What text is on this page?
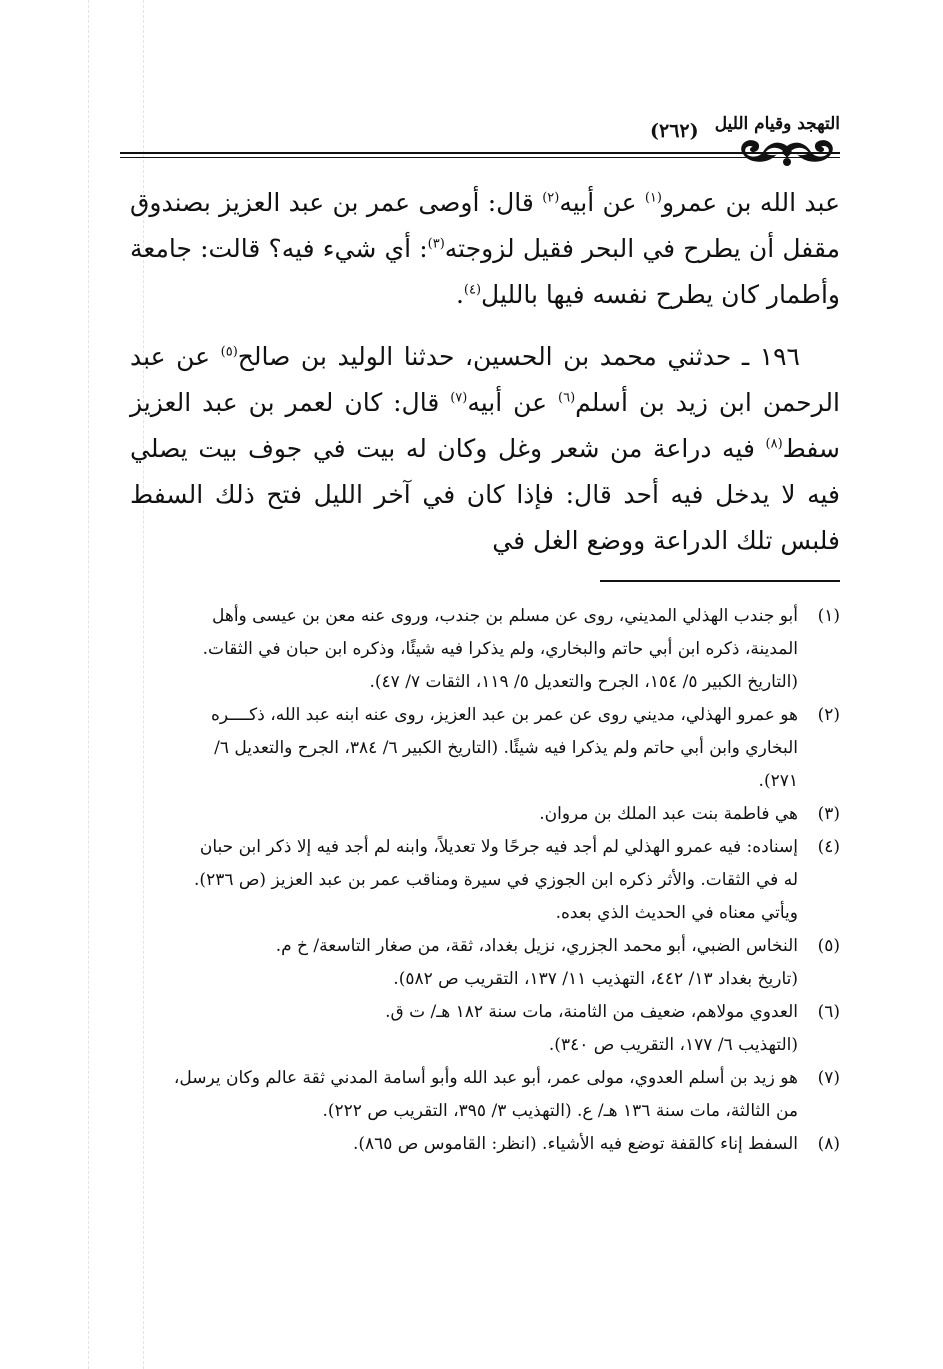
التهجد وقيام الليل
(٢٦٢)

عبد الله بن عمرو$^{(١)}$ عن أبيه$^{(٢)}$ قال: أوصى عمر بن عبد العزيز بصندوق مقفل أن يطرح في البحر فقيل لزوجته$^{(٣)}$: أي شيء فيه؟ قالت: جامعة وأطمار كان يطرح نفسه فيها بالليل$^{(٤)}$.

١٩٦ ـ حدثني محمد بن الحسين، حدثنا الوليد بن صالح$^{(٥)}$ عن عبد الرحمن ابن زيد بن أسلم$^{(٦)}$ عن أبيه$^{(٧)}$ قال: كان لعمر بن عبد العزيز سفط$^{(٨)}$ فيه دراعة من شعر وغل وكان له بيت في جوف بيت يصلي فيه لا يدخل فيه أحد قال: فإذا كان في آخر الليل فتح ذلك السفط فلبس تلك الدراعة ووضع الغل في

(١)
أبو جندب الهذلي المديني، روى عن مسلم بن جندب، وروى عنه معن بن عيسى وأهل
المدينة، ذكره ابن أبي حاتم والبخاري، ولم يذكرا فيه شيئًا، وذكره ابن حبان في الثقات.
(التاريخ الكبير ٥/ ١٥٤، الجرح والتعديل ٥/ ١١٩، الثقات ٧/ ٤٧).
(٢)
هو عمرو الهذلي، مديني روى عن عمر بن عبد العزيز، روى عنه ابنه عبد الله، ذكــــره
البخاري وابن أبي حاتم ولم يذكرا فيه شيئًا. (التاريخ الكبير ٦/ ٣٨٤، الجرح والتعديل ٦/
٢٧١).
(٣)
هي فاطمة بنت عبد الملك بن مروان.
(٤)
إسناده: فيه عمرو الهذلي لم أجد فيه جرحًا ولا تعديلاً، وابنه لم أجد فيه إلا ذكر ابن حبان
له في الثقات. والأثر ذكره ابن الجوزي في سيرة ومناقب عمر بن عبد العزيز (ص ٢٣٦).
ويأتي معناه في الحديث الذي بعده.
(٥)
النخاس الضبي، أبو محمد الجزري، نزيل بغداد، ثقة، من صغار التاسعة/ خ م.
(تاريخ بغداد ١٣/ ٤٤٢، التهذيب ١١/ ١٣٧، التقريب ص ٥٨٢).
(٦)
العدوي مولاهم، ضعيف من الثامنة، مات سنة ١٨٢ هـ/ ت ق.
(التهذيب ٦/ ١٧٧، التقريب ص ٣٤٠).
(٧)
هو زيد بن أسلم العدوي، مولى عمر، أبو عبد الله وأبو أسامة المدني ثقة عالم وكان يرسل،
من الثالثة، مات سنة ١٣٦ هـ/ ع. (التهذيب ٣/ ٣٩٥، التقريب ص ٢٢٢).
(٨)
السفط إناء كالقفة توضع فيه الأشياء. (انظر: القاموس ص ٨٦٥).
